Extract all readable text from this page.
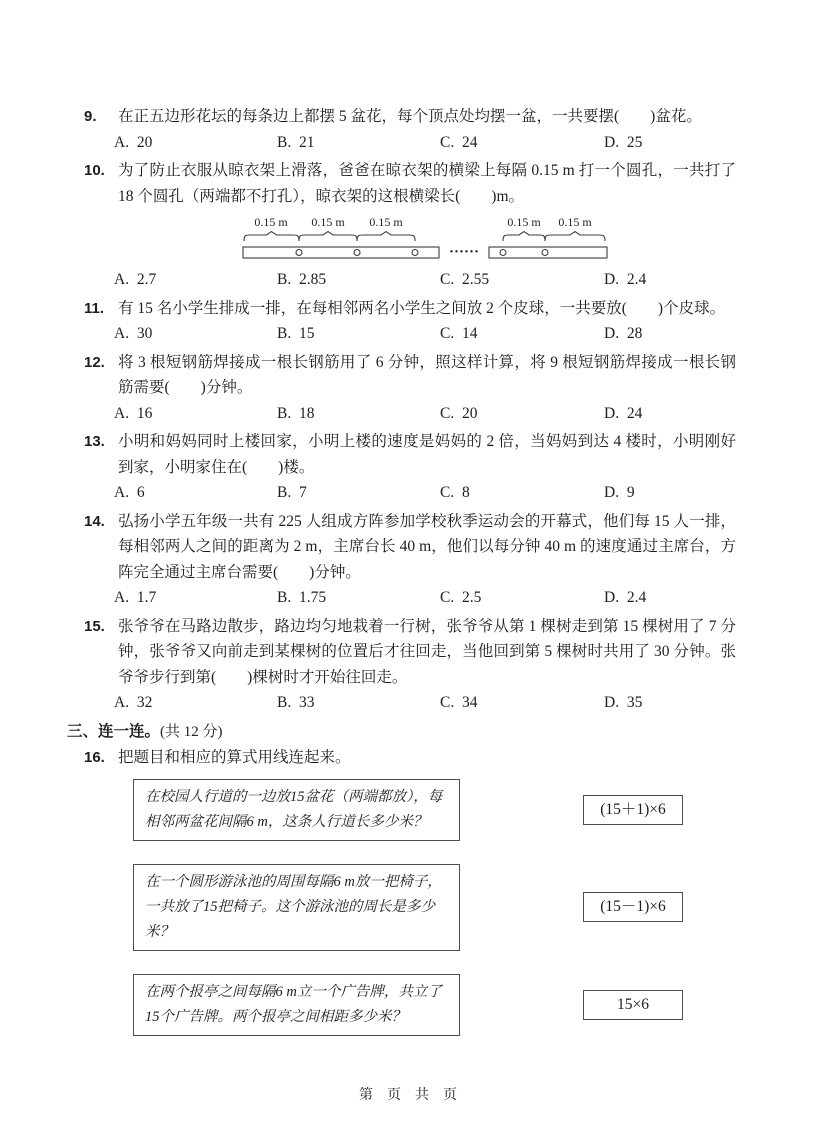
9. 在正五边形花坛的每条边上都摆 5 盆花，每个顶点处均摆一盆，一共要摆(　　)盆花。
A. 20	B. 21	C. 24	D. 25
10. 为了防止衣服从晾衣架上滑落，爸爸在晾衣架的横梁上每隔 0.15 m 打一个圆孔，一共打了 18 个圆孔（两端都不打孔），晾衣架的这根横梁长(　　)m。
0.15 m 0.15 m 0.15 m	0.15 m 0.15 m
······
A. 2.7	B. 2.85	C. 2.55	D. 2.4
11. 有 15 名小学生排成一排，在每相邻两名小学生之间放 2 个皮球，一共要放(　　)个皮球。
A. 30	B. 15	C. 14	D. 28
12. 将 3 根短钢筋焊接成一根长钢筋用了 6 分钟，照这样计算，将 9 根短钢筋焊接成一根长钢筋需要(　　)分钟。
A. 16	B. 18	C. 20	D. 24
13. 小明和妈妈同时上楼回家，小明上楼的速度是妈妈的 2 倍，当妈妈到达 4 楼时，小明刚好到家，小明家住在(　　)楼。
A. 6	B. 7	C. 8	D. 9
14. 弘扬小学五年级一共有 225 人组成方阵参加学校秋季运动会的开幕式，他们每 15 人一排，每相邻两人之间的距离为 2 m，主席台长 40 m，他们以每分钟 40 m 的速度通过主席台，方阵完全通过主席台需要(　　)分钟。
A. 1.7	B. 1.75	C. 2.5	D. 2.4
15. 张爷爷在马路边散步，路边均匀地栽着一行树，张爷爷从第 1 棵树走到第 15 棵树用了 7 分钟，张爷爷又向前走到某棵树的位置后才往回走，当他回到第 5 棵树时共用了 30 分钟。张爷爷步行到第(　　)棵树时才开始往回走。
A. 32	B. 33	C. 34	D. 35
三、连一连。(共 12 分)
16. 把题目和相应的算式用线连起来。
在校园人行道的一边放15盆花（两端都放），每相邻两盆花间隔6 m，这条人行道长多少米？
(15＋1)×6
在一个圆形游泳池的周围每隔6 m放一把椅子，一共放了15把椅子。这个游泳池的周长是多少米？
(15－1)×6
在两个报亭之间每隔6 m立一个广告牌，共立了15个广告牌。两个报亭之间相距多少米？
15×6
第　页　共　页
